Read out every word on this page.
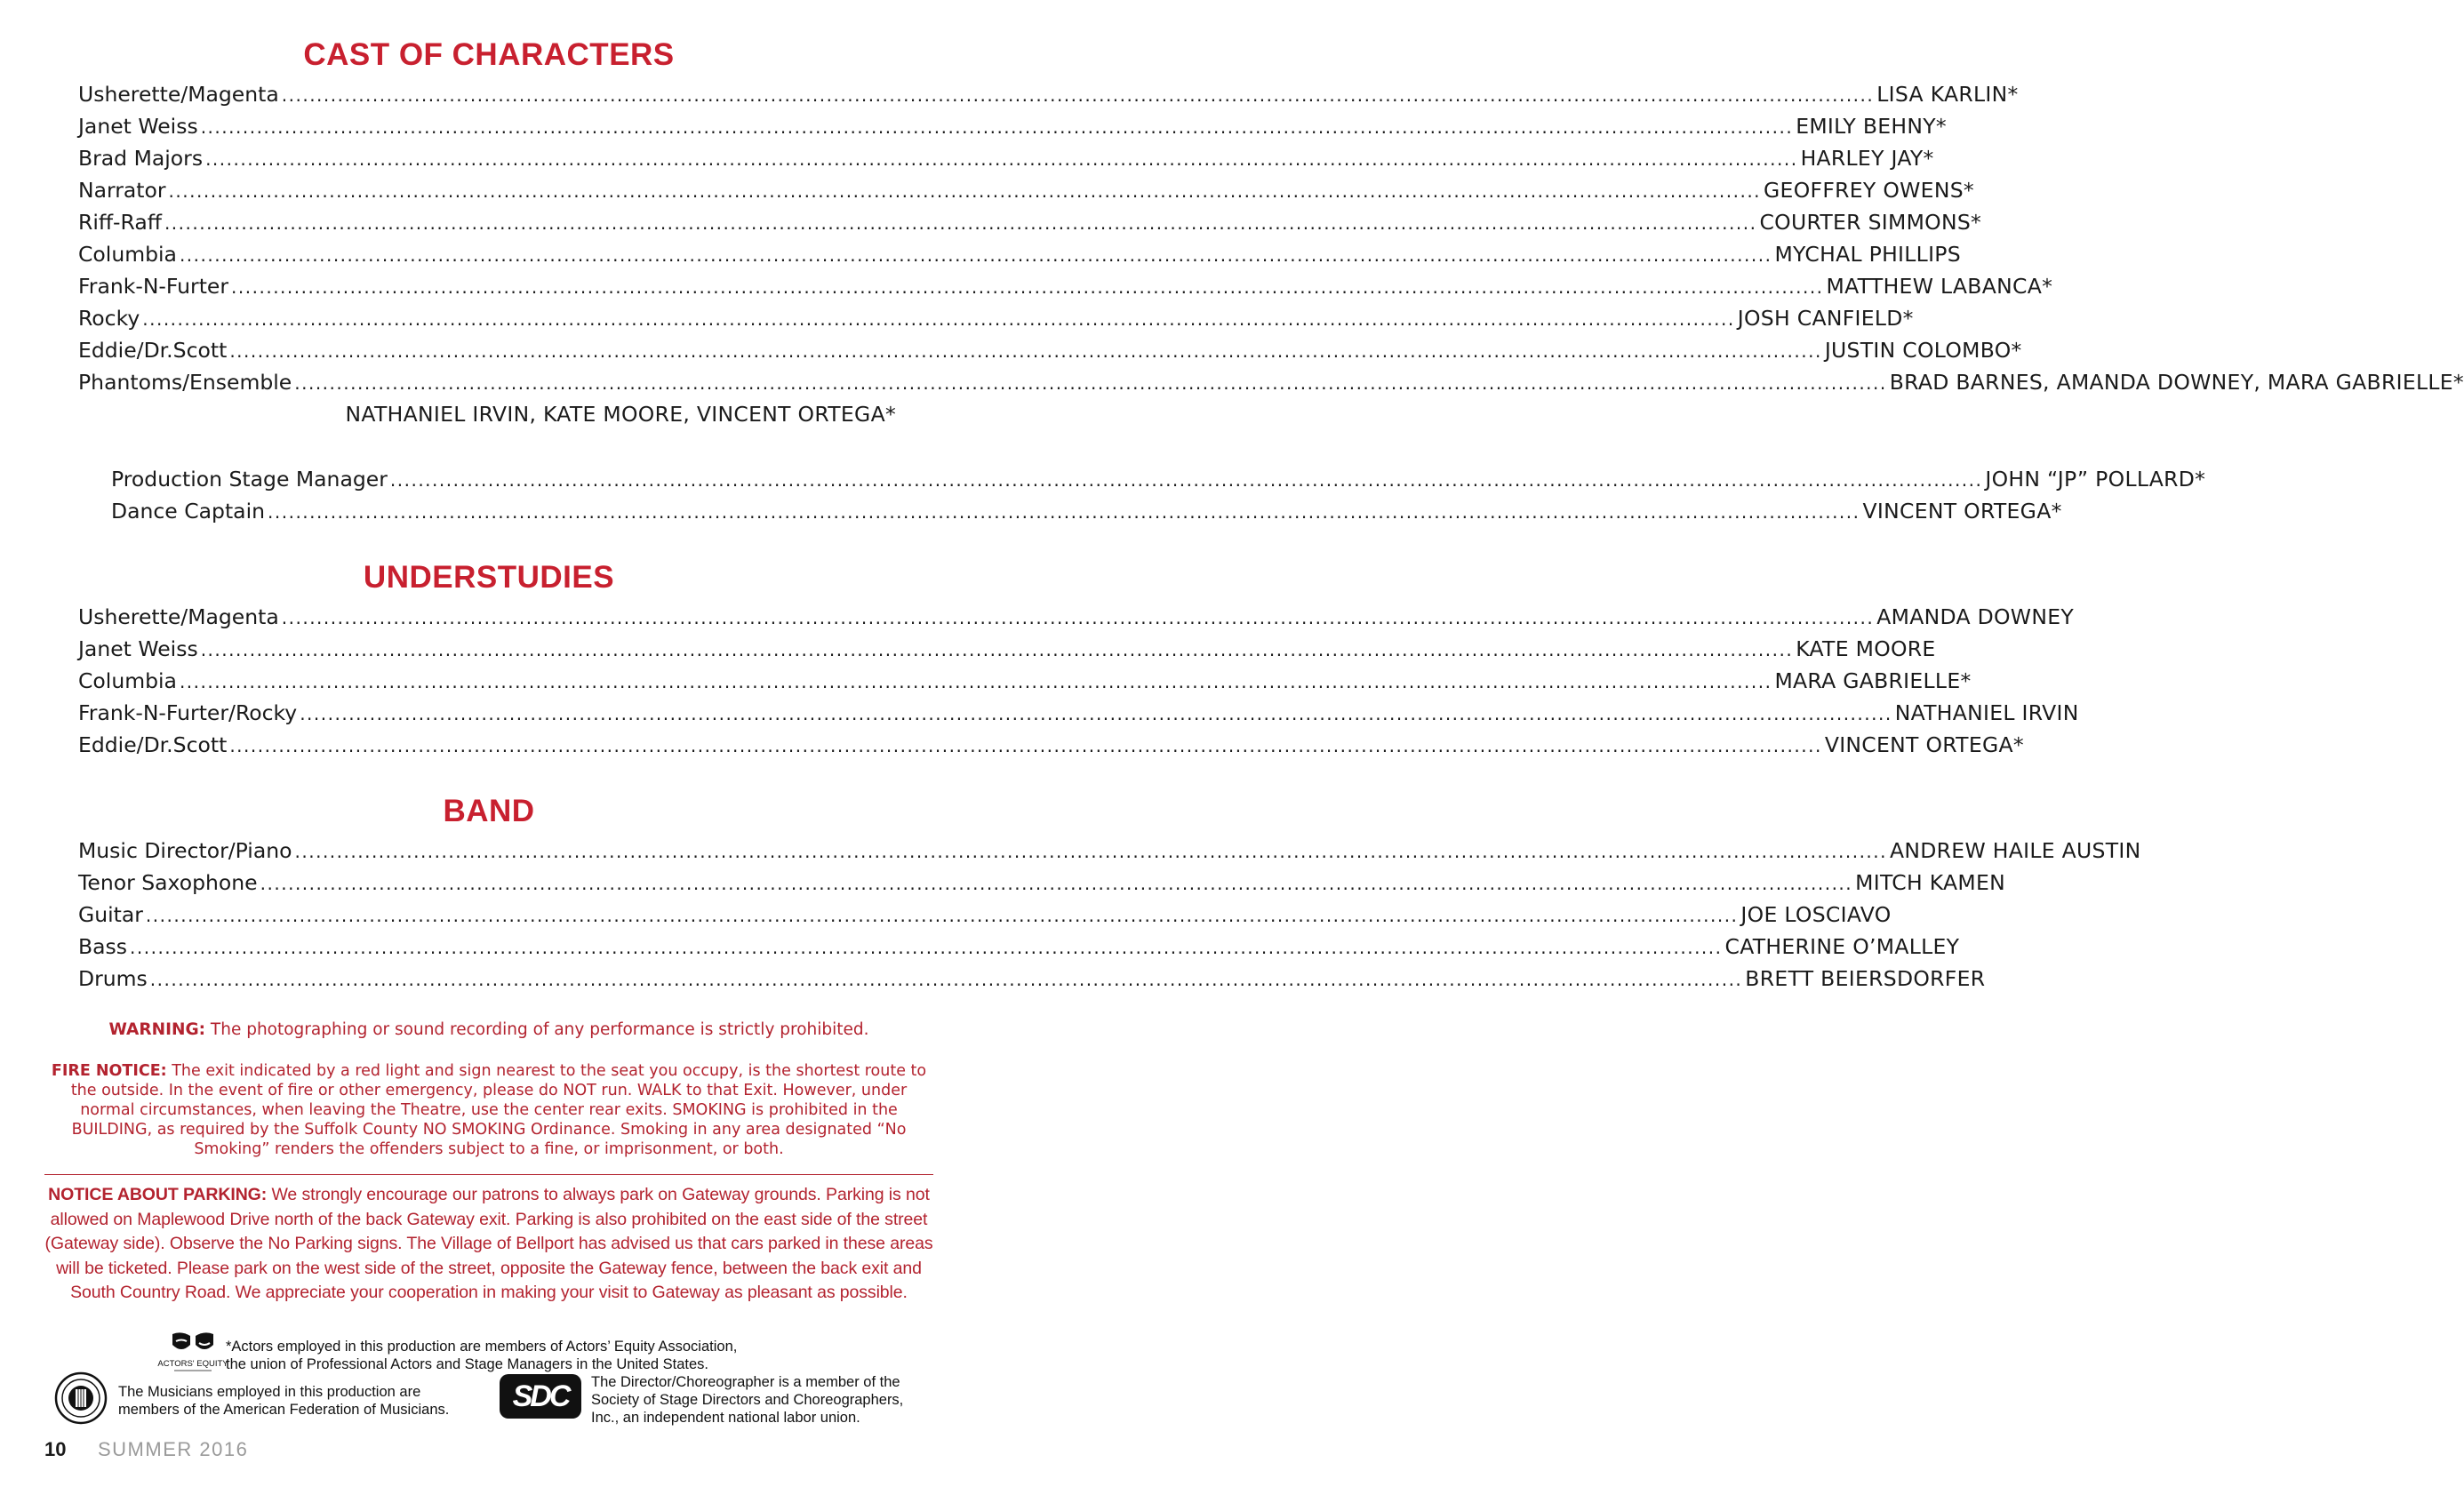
CAST OF CHARACTERS
Usherette/Magenta .....	LISA KARLIN*
Janet Weiss .....	EMILY BEHNY*
Brad Majors .....	HARLEY JAY*
Narrator .....	GEOFFREY OWENS*
Riff-Raff .....	COURTER SIMMONS*
Columbia .....	MYCHAL PHILLIPS
Frank-N-Furter .....	MATTHEW LABANCA*
Rocky .....	JOSH CANFIELD*
Eddie/Dr.Scott .....	JUSTIN COLOMBO*
Phantoms/Ensemble .....	BRAD BARNES, AMANDA DOWNEY, MARA GABRIELLE*
NATHANIEL IRVIN, KATE MOORE, VINCENT ORTEGA*
Production Stage Manager .....	JOHN “JP” POLLARD*
Dance Captain .....	VINCENT ORTEGA*
UNDERSTUDIES
Usherette/Magenta .....	AMANDA DOWNEY
Janet Weiss .....	KATE MOORE
Columbia .....	MARA GABRIELLE*
Frank-N-Furter/Rocky .....	NATHANIEL IRVIN
Eddie/Dr.Scott .....	VINCENT ORTEGA*
BAND
Music Director/Piano .....	ANDREW HAILE AUSTIN
Tenor Saxophone .....	MITCH KAMEN
Guitar .....	JOE LOSCIAVO
Bass .....	CATHERINE O’MALLEY
Drums .....	BRETT BEIERSDORFER

WARNING: The photographing or sound recording of any performance is strictly prohibited.

FIRE NOTICE: The exit indicated by a red light and sign nearest to the seat you occupy, is the shortest route to the outside. In the event of fire or other emergency, please do NOT run. WALK to that Exit. However, under normal circumstances, when leaving the Theatre, use the center rear exits. SMOKING is prohibited in the BUILDING, as required by the Suffolk County NO SMOKING Ordinance. Smoking in any area designated “No Smoking” renders the offenders subject to a fine, or imprisonment, or both.

NOTICE ABOUT PARKING: We strongly encourage our patrons to always park on Gateway grounds. Parking is not allowed on Maplewood Drive north of the back Gateway exit. Parking is also prohibited on the east side of the street (Gateway side). Observe the No Parking signs. The Village of Bellport has advised us that cars parked in these areas will be ticketed. Please park on the west side of the street, opposite the Gateway fence, between the back exit and South Country Road. We appreciate your cooperation in making your visit to Gateway as pleasant as possible.

ACTORS' EQUITY

*Actors employed in this production are members of Actors’ Equity Association,
the union of Professional Actors and Stage Managers in the United States.

The Musicians employed in this production are
members of the American Federation of Musicians. SDC The Director/Choreographer is a member of the
Society of Stage Directors and Choreographers,
Inc., an independent national labor union.

10 SUMMER 2016
